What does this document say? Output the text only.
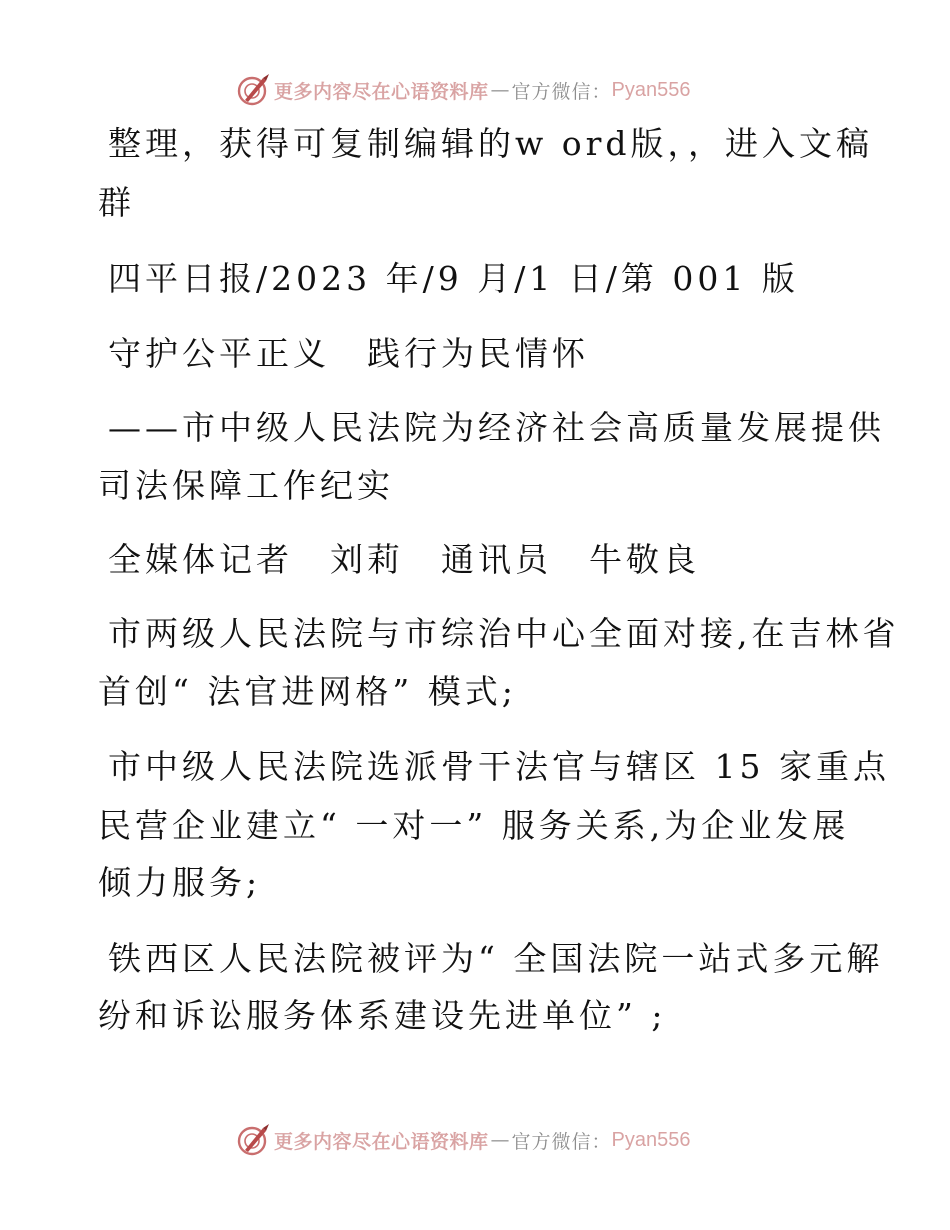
更多内容尽在心语资料库 — 官方微信： Pyan556
整理，获得可复制编辑的w ord版，，进入文稿
群
四平日报/2023 年/9 月/1 日/第 001 版
守护公平正义　践行为民情怀
——市中级人民法院为经济社会高质量发展提供
司法保障工作纪实
全媒体记者　刘莉　通讯员　牛敬良
市两级人民法院与市综治中心全面对接,在吉林省
首创“ 法官进网格” 模式;
市中级人民法院选派骨干法官与辖区 15 家重点
民营企业建立“ 一对一” 服务关系,为企业发展
倾力服务;
铁西区人民法院被评为“ 全国法院一站式多元解
纷和诉讼服务体系建设先进单位” ;
更多内容尽在心语资料库 — 官方微信： Pyan556
